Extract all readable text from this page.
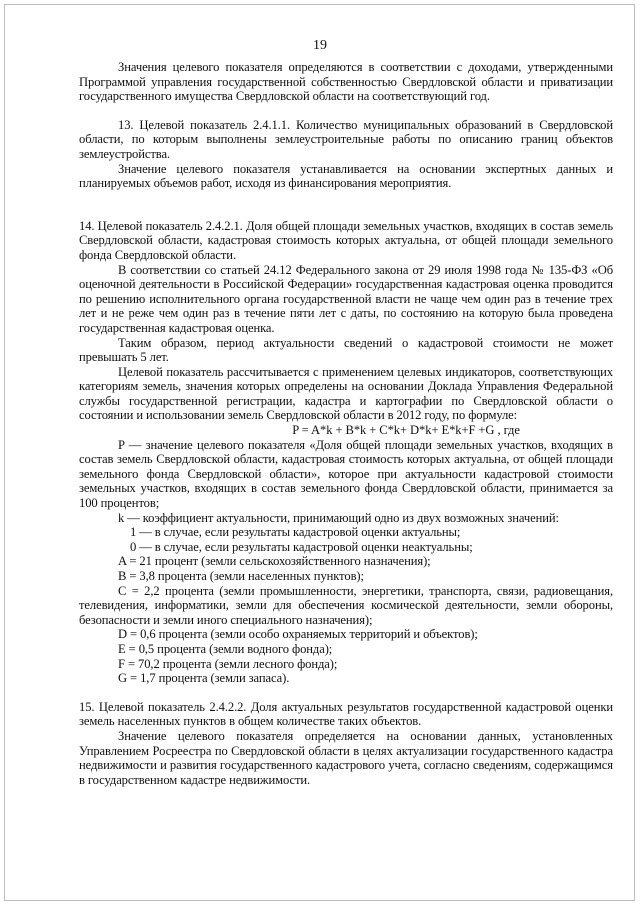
19

Значения целевого показателя определяются в соответствии с доходами, утвержденными Программой управления государственной собственностью Свердловской области и приватизации государственного имущества Свердловской области на соответствующий год.

13. Целевой показатель 2.4.1.1. Количество муниципальных образований в Свердловской области, по которым выполнены землеустроительные работы по описанию границ объектов землеустройства.

Значение целевого показателя устанавливается на основании экспертных данных и планируемых объемов работ, исходя из финансирования мероприятия.

14. Целевой показатель 2.4.2.1. Доля общей площади земельных участков, входящих в состав земель Свердловской области, кадастровая стоимость которых актуальна, от общей площади земельного фонда Свердловской области.

В соответствии со статьей 24.12 Федерального закона от 29 июля 1998 года № 135-ФЗ «Об оценочной деятельности в Российской Федерации» государственная кадастровая оценка проводится по решению исполнительного органа государственной власти не чаще чем один раз в течение трех лет и не реже чем один раз в течение пяти лет с даты, по состоянию на которую была проведена государственная кадастровая оценка.

Таким образом, период актуальности сведений о кадастровой стоимости не может превышать 5 лет.

Целевой показатель рассчитывается с применением целевых индикаторов, соответствующих категориям земель, значения которых определены на основании Доклада Управления Федеральной службы государственной регистрации, кадастра и картографии по Свердловской области о состоянии и использовании земель Свердловской области в 2012 году, по формуле:

P = A*k + B*k + C*k+ D*k+ E*k+F +G , где

P — значение целевого показателя «Доля общей площади земельных участков, входящих в состав земель Свердловской области, кадастровая стоимость которых актуальна, от общей площади земельного фонда Свердловской области», которое при актуальности кадастровой стоимости земельных участков, входящих в состав земельного фонда Свердловской области, принимается за 100 процентов;

k — коэффициент актуальности, принимающий одно из двух возможных значений:

1 — в случае, если результаты кадастровой оценки актуальны;

0 — в случае, если результаты кадастровой оценки неактуальны;

A = 21 процент (земли сельскохозяйственного назначения);

B = 3,8 процента (земли населенных пунктов);

C = 2,2 процента (земли промышленности, энергетики, транспорта, связи, радиовещания, телевидения, информатики, земли для обеспечения космической деятельности, земли обороны, безопасности и земли иного специального назначения);

D = 0,6 процента (земли особо охраняемых территорий и объектов);

E = 0,5 процента (земли водного фонда);

F = 70,2 процента (земли лесного фонда);

G = 1,7 процента (земли запаса).

15. Целевой показатель 2.4.2.2. Доля актуальных результатов государственной кадастровой оценки земель населенных пунктов в общем количестве таких объектов.

Значение целевого показателя определяется на основании данных, установленных Управлением Росреестра по Свердловской области в целях актуализации государственного кадастра недвижимости и развития государственного кадастрового учета, согласно сведениям, содержащимся в государственном кадастре недвижимости.
